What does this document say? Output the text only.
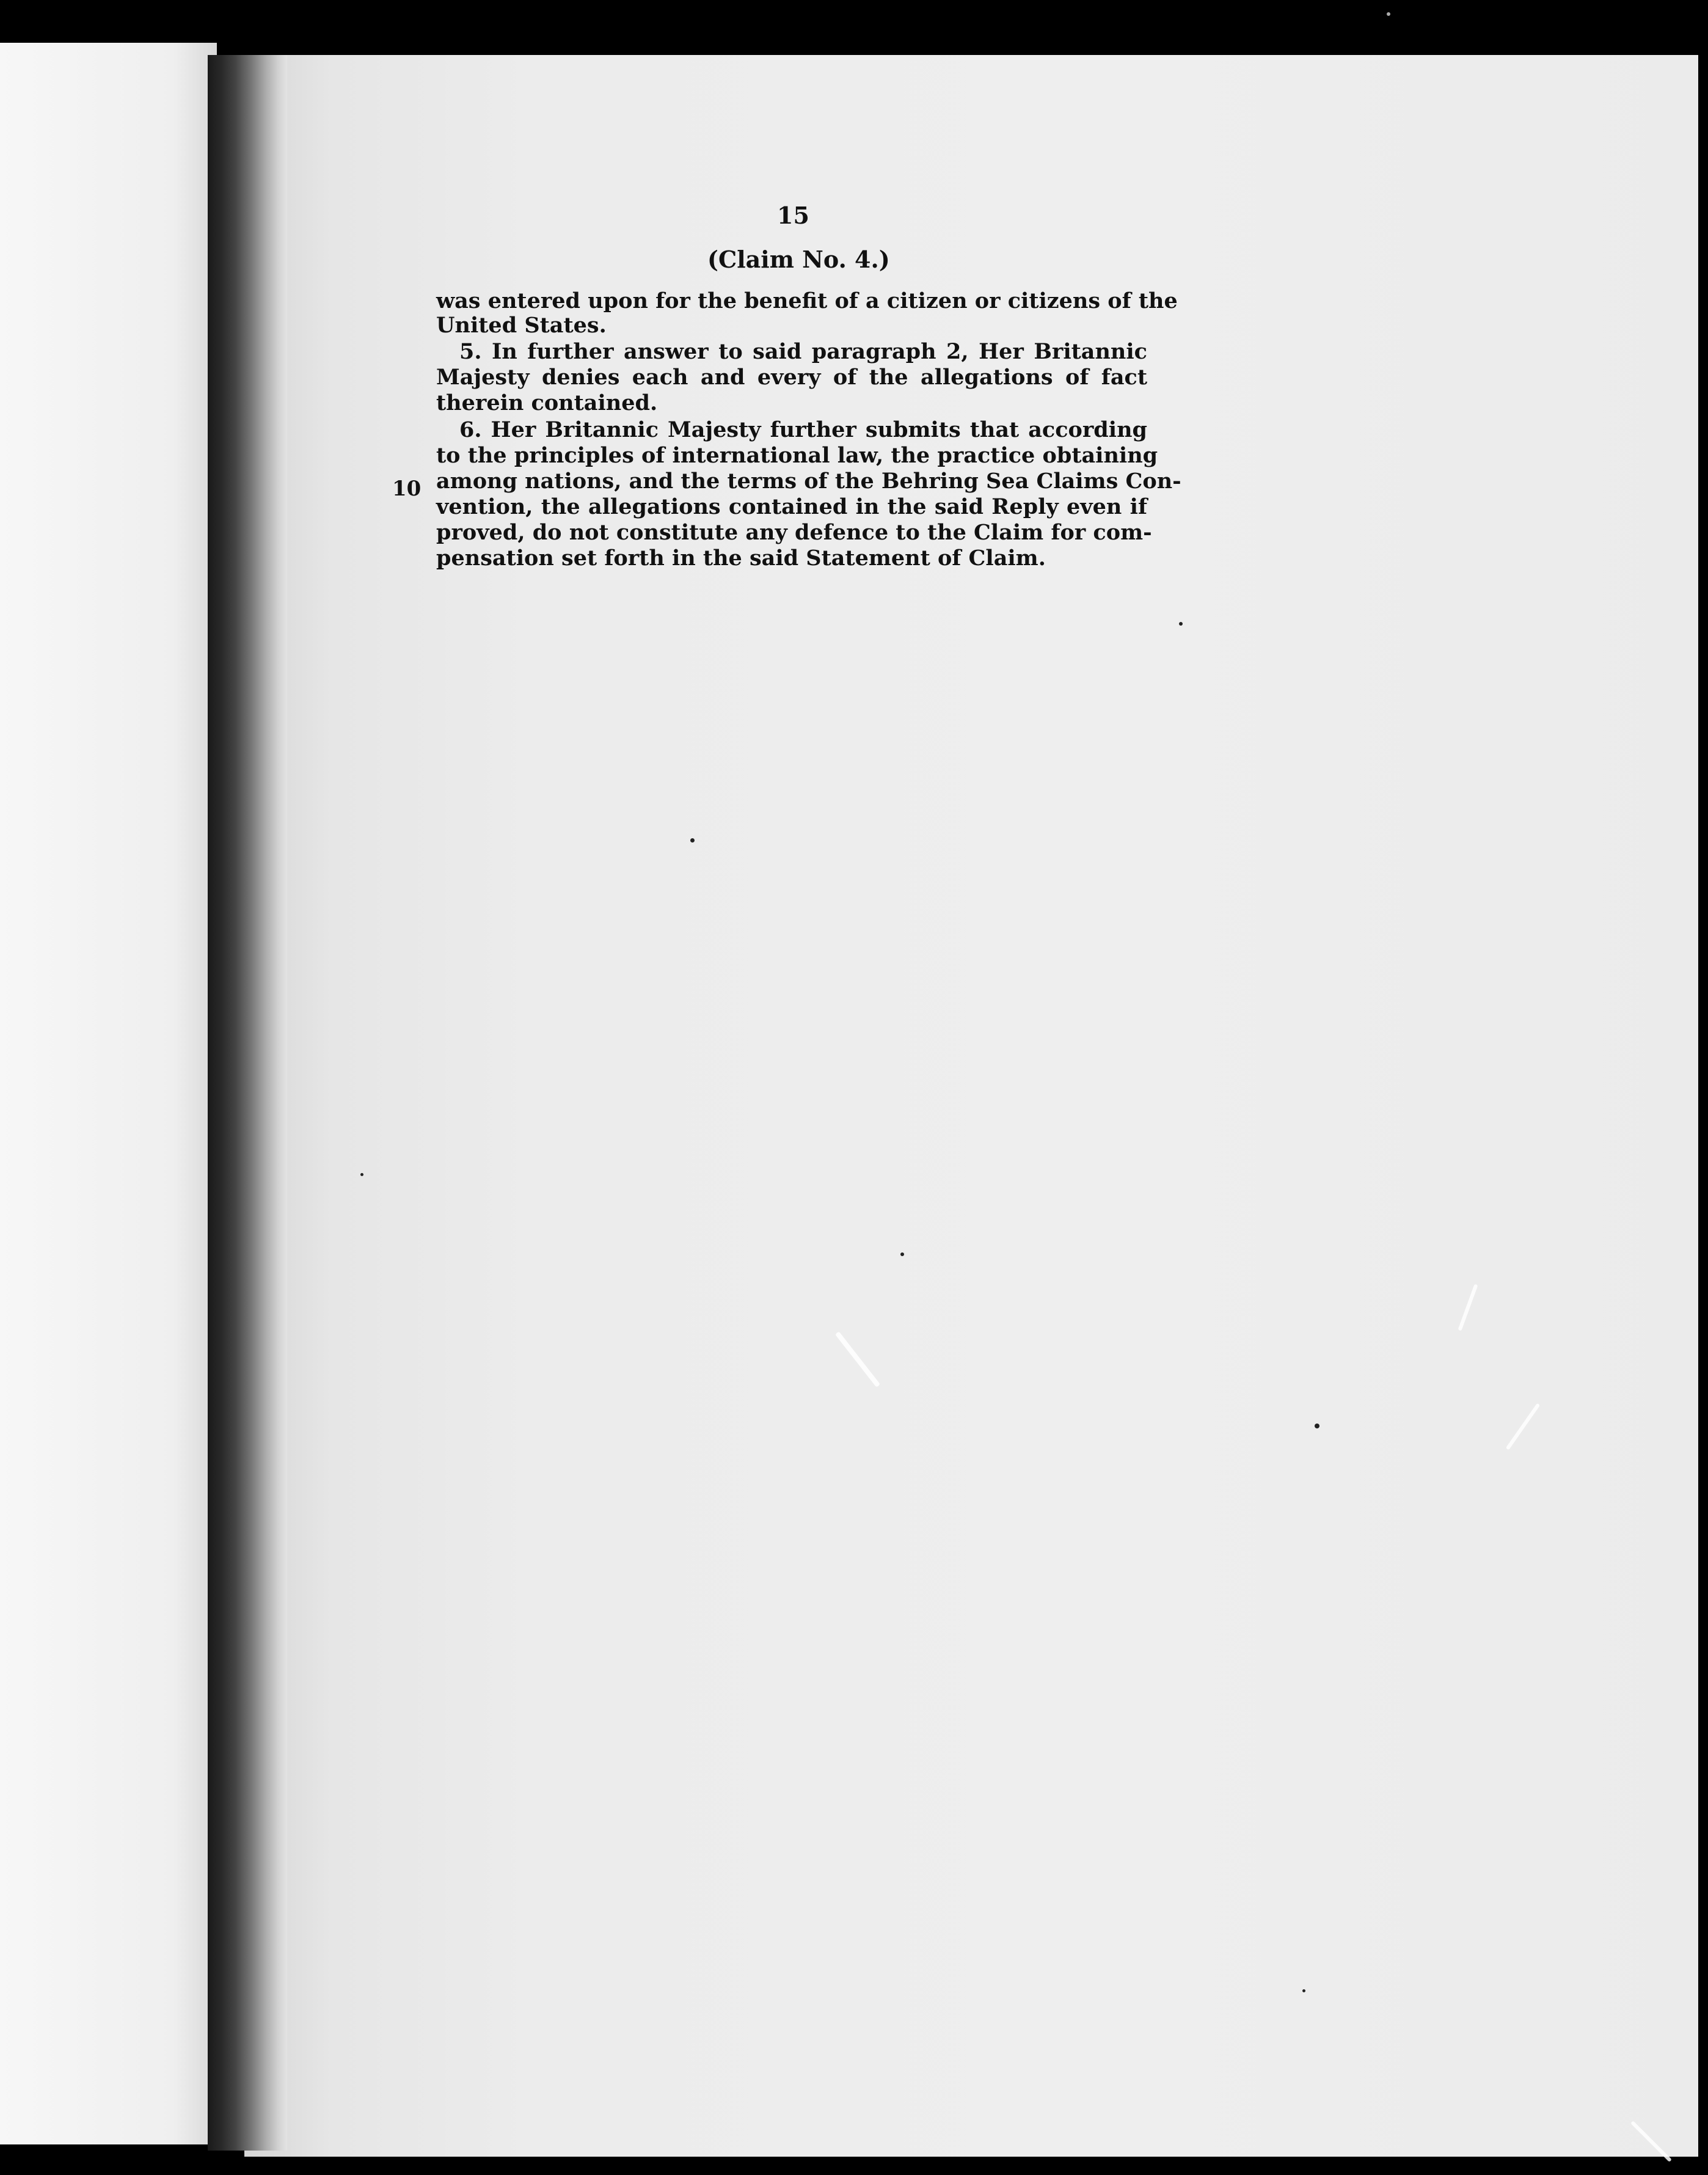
15
(Claim No. 4.)
was entered upon for the benefit of a citizen or citizens of the
United States.
5. In further answer to said paragraph 2, Her Britannic
Majesty denies each and every of the allegations of fact
therein contained.
6. Her Britannic Majesty further submits that according
to the principles of international law, the practice obtaining
among nations, and the terms of the Behring Sea Claims Con-
vention, the allegations contained in the said Reply even if
proved, do not constitute any defence to the Claim for com-
pensation set forth in the said Statement of Claim.
10
